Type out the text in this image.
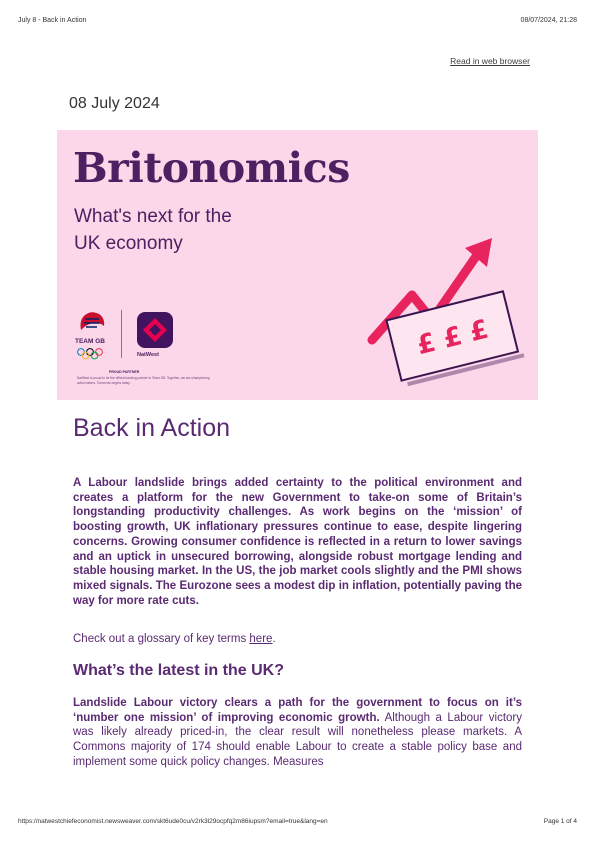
July 8 - Back in Action	08/07/2024, 21:28
Read in web browser
08 July 2024
Britonomics
What's next for the
UK economy
TEAM GB
NatWest
PROUD PARTNER
NatWest is proud to be the official banking partner to Team GB. Together, we are championing action takers. Tomorrow begins today.
£ £ £
Back in Action

A Labour landslide brings added certainty to the political environment and creates a platform for the new Government to take-on some of Britain’s longstanding productivity challenges. As work begins on the ‘mission’ of boosting growth, UK inflationary pressures continue to ease, despite lingering concerns. Growing consumer confidence is reflected in a return to lower savings and an uptick in unsecured borrowing, alongside robust mortgage lending and stable housing market. In the US, the job market cools slightly and the PMI shows mixed signals. The Eurozone sees a modest dip in inflation, potentially paving the way for more rate cuts.

Check out a glossary of key terms here.

What’s the latest in the UK?

Landslide Labour victory clears a path for the government to focus on it’s ‘number one mission’ of improving economic growth. Although a Labour victory was likely already priced-in, the clear result will nonetheless please markets. A Commons majority of 174 should enable Labour to create a stable policy base and implement some quick policy changes. Measures

https://natwestchiefeconomist.newsweaver.com/skt6ude0cu/v2rk3l29ocpfq2m86iupsm?email=true&lang=en	Page 1 of 4
